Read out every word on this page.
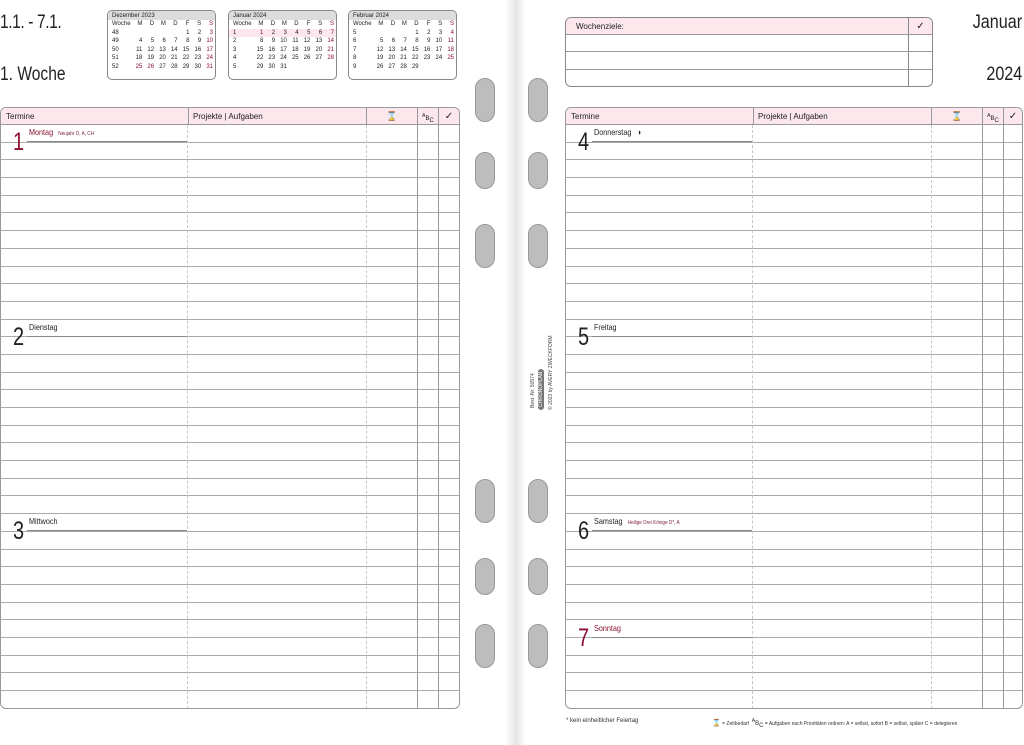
1.1. - 7.1.
1. Woche
Dezember 2023
Woche	M	D	M	D	F	S	S
48					1	2	3
49	4	5	6	7	8	9	10
50	11	12	13	14	15	16	17
51	18	19	20	21	22	23	24
52	25	26	27	28	29	30	31
Januar 2024
Woche	M	D	M	D	F	S	S
1	1	2	3	4	5	6	7
2	8	9	10	11	12	13	14
3	15	16	17	18	19	20	21
4	22	23	24	25	26	27	28
5	29	30	31				
Februar 2024
Woche	M	D	M	D	F	S	S
5				1	2	3	4
6	5	6	7	8	9	10	11
7	12	13	14	15	16	17	18
8	19	20	21	22	23	24	25
9	26	27	28	29			
Januar
2024
Wochenziele:	✓
Termine	Projekte | Aufgaben	⌛	$^AB_C$	✓
1 Montag Neujahr D, A, CH
2 Dienstag
3 Mittwoch
Termine	Projekte | Aufgaben	⌛	$^AB_C$ ✓
4 Donnerstag ◑
5 Freitag
6 Samstag Heilige Drei Könige D*, A
7 Sonntag
Best.-Nr. 50574 CHRONOPLAN © 2023 by AVERY ZWECKFORM
* kein einheitlicher Feiertag	⌛ = Zeitbedarf $^AB_C$ = Aufgaben nach Prioritäten ordnen: A = selbst, sofort B = selbst, später C = delegieren
